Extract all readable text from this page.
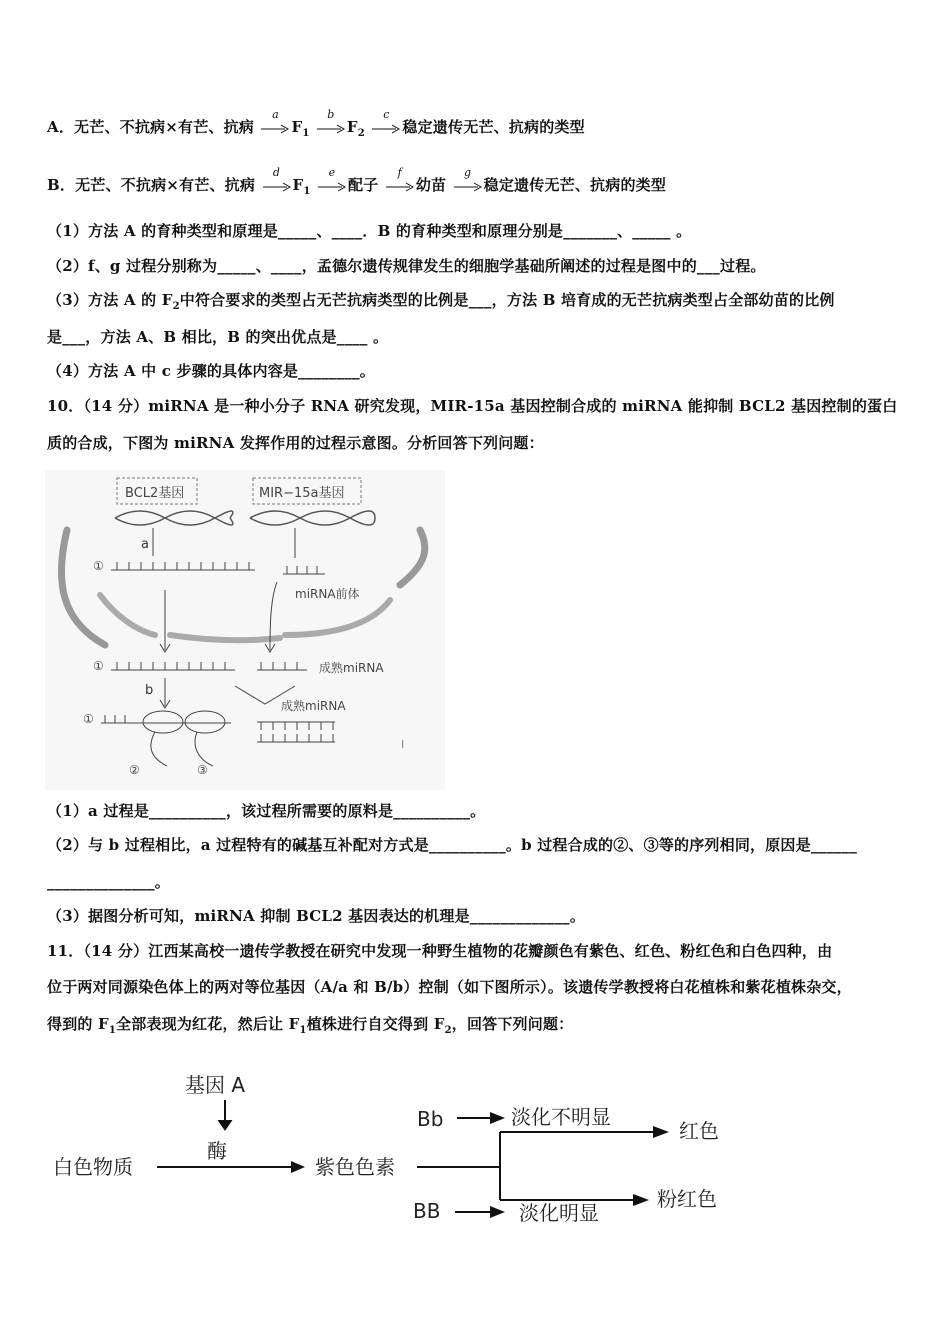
A．无芒、不抗病×有芒、抗病
a
$F_1$
b
$F_2$
c
稳定遗传无芒、抗病的类型
B．无芒、不抗病×有芒、抗病
d
$F_1$
e
配子
f
幼苗
g
稳定遗传无芒、抗病的类型
（1）方法 A 的育种类型和原理是_____、____．B 的育种类型和原理分别是_______、_____ 。
（2）f、g 过程分别称为_____、____，孟德尔遗传规律发生的细胞学基础所阐述的过程是图中的___过程。
（3）方法 A 的 $F_2$中符合要求的类型占无芒抗病类型的比例是___，方法 B 培育成的无芒抗病类型占全部幼苗的比例
是___，方法 A、B 相比，B 的突出优点是____ 。
（4）方法 A 中 c 步骤的具体内容是________。
10．（14 分）miRNA 是一种小分子 RNA 研究发现，MIR-15a 基因控制合成的 miRNA 能抑制 BCL2 基因控制的蛋白
质的合成，下图为 miRNA 发挥作用的过程示意图。分析回答下列问题：
BCL2基因	MIR−15a基因
a
①
miRNA前体
①	成熟miRNA
b
成熟miRNA
①
②	③
I
（1）a 过程是__________，该过程所需要的原料是__________。
（2）与 b 过程相比，a 过程特有的碱基互补配对方式是__________。b 过程合成的②、③等的序列相同，原因是______
______________。
（3）据图分析可知，miRNA 抑制 BCL2 基因表达的机理是_____________。
11．（14 分）江西某高校一遗传学教授在研究中发现一种野生植物的花瓣颜色有紫色、红色、粉红色和白色四种，由
位于两对同源染色体上的两对等位基因（A/a 和 B/b）控制（如下图所示）。该遗传学教授将白花植株和紫花植株杂交，
得到的 $F_1$全部表现为红花，然后让 $F_1$植株进行自交得到 $F_2$，回答下列问题：
基因 A
酶
白色物质	紫色色素
Bb	淡化不明显
红色
粉红色
BB	淡化明显
